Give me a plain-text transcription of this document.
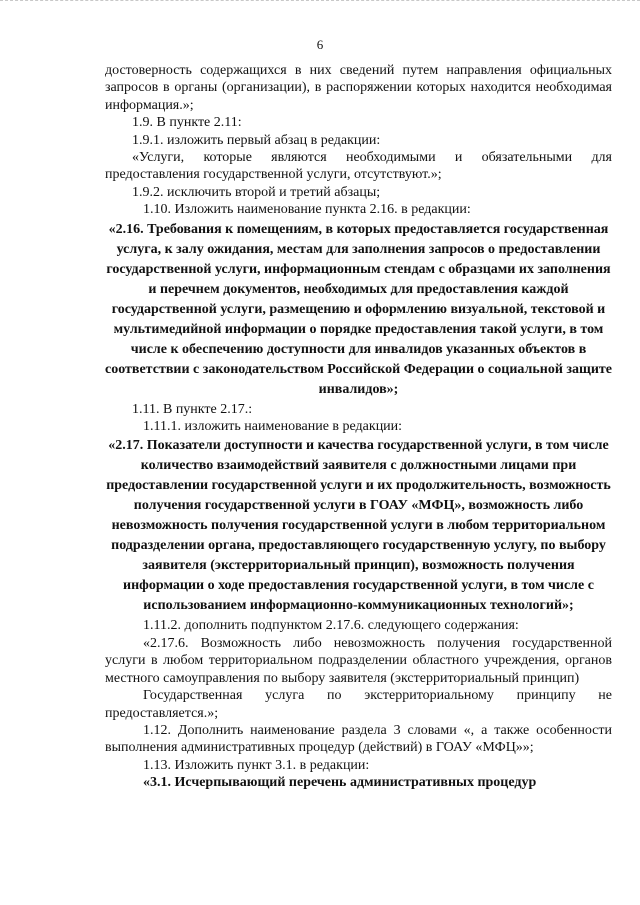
6

достоверность содержащихся в них сведений путем направления официальных запросов в органы (организации), в распоряжении которых находится необходимая информация.»;

1.9. В пункте 2.11:

1.9.1. изложить первый абзац в редакции:

«Услуги, которые являются необходимыми и обязательными для предоставления государственной услуги, отсутствуют.»;

1.9.2. исключить второй и третий абзацы;

1.10. Изложить наименование пункта 2.16. в редакции:

«2.16. Требования к помещениям, в которых предоставляется государственная услуга, к залу ожидания, местам для заполнения запросов о предоставлении государственной услуги, информационным стендам с образцами их заполнения и перечнем документов, необходимых для предоставления каждой государственной услуги, размещению и оформлению визуальной, текстовой и мультимедийной информации о порядке предоставления такой услуги, в том числе к обеспечению доступности для инвалидов указанных объектов в соответствии с законодательством Российской Федерации о социальной защите инвалидов»;

1.11. В пункте 2.17.:

1.11.1. изложить наименование в редакции:

«2.17. Показатели доступности и качества государственной услуги, в том числе количество взаимодействий заявителя с должностными лицами при предоставлении государственной услуги и их продолжительность, возможность получения государственной услуги в ГОАУ «МФЦ», возможность либо невозможность получения государственной услуги в любом территориальном подразделении органа, предоставляющего государственную услугу, по выбору заявителя (экстерриториальный принцип), возможность получения информации о ходе предоставления государственной услуги, в том числе с использованием информационно-коммуникационных технологий»;

1.11.2. дополнить подпунктом 2.17.6. следующего содержания:

«2.17.6. Возможность либо невозможность получения государственной услуги в любом территориальном подразделении областного учреждения, органов местного самоуправления по выбору заявителя (экстерриториальный принцип)

Государственная услуга по экстерриториальному принципу не предоставляется.»;

1.12. Дополнить наименование раздела 3 словами «, а также особенности выполнения административных процедур (действий) в ГОАУ «МФЦ»»;

1.13. Изложить пункт 3.1. в редакции:

«3.1. Исчерпывающий перечень административных процедур
